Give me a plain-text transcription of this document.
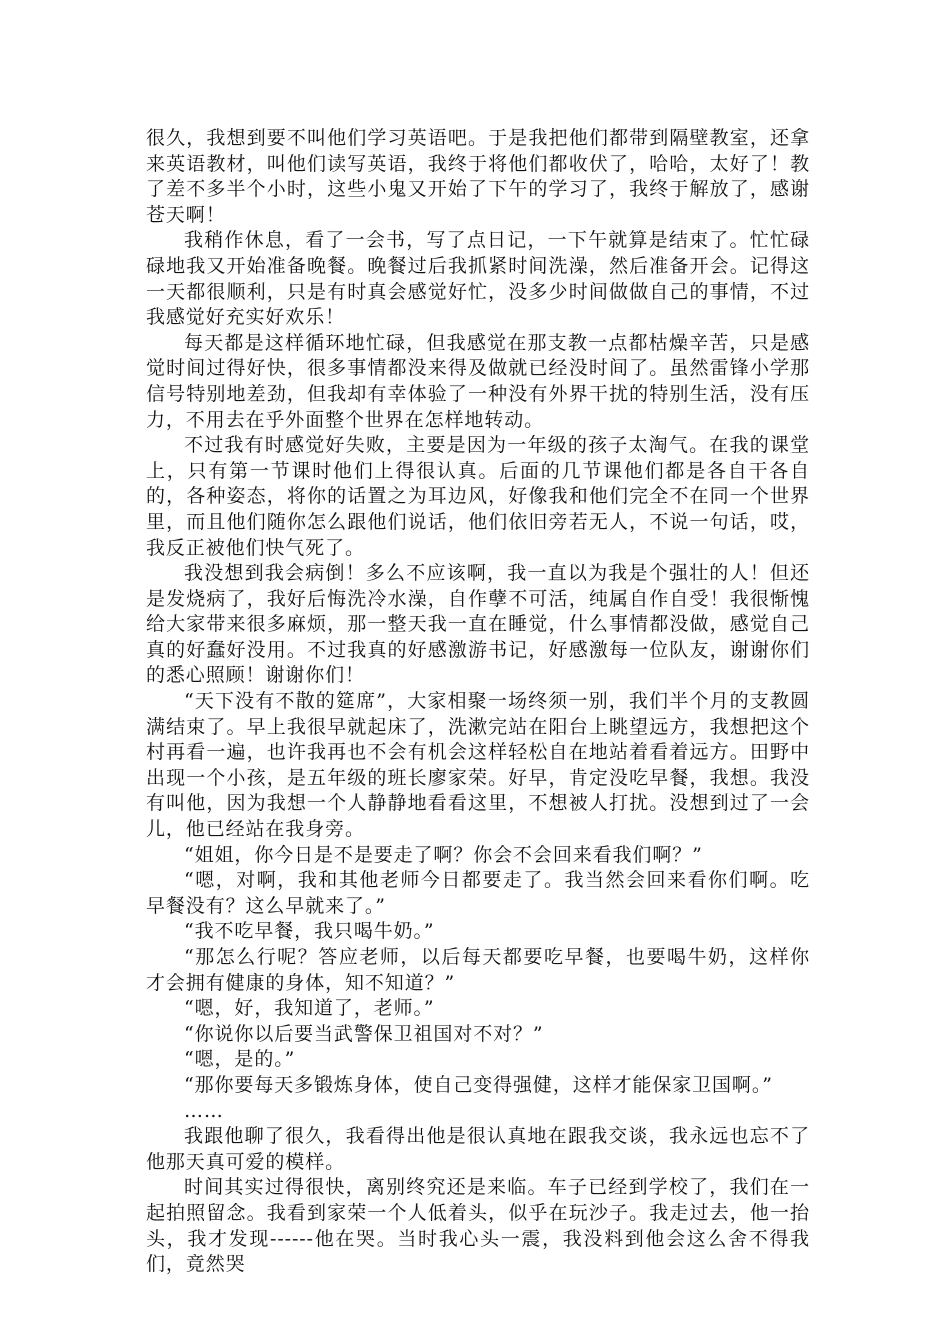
很久，我想到要不叫他们学习英语吧。于是我把他们都带到隔壁教室，还拿来英语教材，叫他们读写英语，我终于将他们都收伏了，哈哈，太好了！教了差不多半个小时，这些小鬼又开始了下午的学习了，我终于解放了，感谢苍天啊！

我稍作休息，看了一会书，写了点日记，一下午就算是结束了。忙忙碌碌地我又开始准备晚餐。晚餐过后我抓紧时间洗澡，然后准备开会。记得这一天都很顺利，只是有时真会感觉好忙，没多少时间做做自己的事情，不过我感觉好充实好欢乐！

每天都是这样循环地忙碌，但我感觉在那支教一点都枯燥辛苦，只是感觉时间过得好快，很多事情都没来得及做就已经没时间了。虽然雷锋小学那信号特别地差劲，但我却有幸体验了一种没有外界干扰的特别生活，没有压力，不用去在乎外面整个世界在怎样地转动。

不过我有时感觉好失败，主要是因为一年级的孩子太淘气。在我的课堂上，只有第一节课时他们上得很认真。后面的几节课他们都是各自干各自的，各种姿态，将你的话置之为耳边风，好像我和他们完全不在同一个世界里，而且他们随你怎么跟他们说话，他们依旧旁若无人，不说一句话，哎，我反正被他们快气死了。

我没想到我会病倒！多么不应该啊，我一直以为我是个强壮的人！但还是发烧病了，我好后悔洗冷水澡，自作孽不可活，纯属自作自受！我很惭愧给大家带来很多麻烦，那一整天我一直在睡觉，什么事情都没做，感觉自己真的好蠢好没用。不过我真的好感激游书记，好感激每一位队友，谢谢你们的悉心照顾！谢谢你们！

“天下没有不散的筵席”，大家相聚一场终须一别，我们半个月的支教圆满结束了。早上我很早就起床了，洗漱完站在阳台上眺望远方，我想把这个村再看一遍，也许我再也不会有机会这样轻松自在地站着看着远方。田野中出现一个小孩，是五年级的班长廖家荣。好早，肯定没吃早餐，我想。我没有叫他，因为我想一个人静静地看看这里，不想被人打扰。没想到过了一会儿，他已经站在我身旁。

“姐姐，你今日是不是要走了啊？你会不会回来看我们啊？”

“嗯，对啊，我和其他老师今日都要走了。我当然会回来看你们啊。吃早餐没有？这么早就来了。”

“我不吃早餐，我只喝牛奶。”

“那怎么行呢？答应老师，以后每天都要吃早餐，也要喝牛奶，这样你才会拥有健康的身体，知不知道？”

“嗯，好，我知道了，老师。”

“你说你以后要当武警保卫祖国对不对？”

“嗯，是的。”

“那你要每天多锻炼身体，使自己变得强健，这样才能保家卫国啊。”

……

我跟他聊了很久，我看得出他是很认真地在跟我交谈，我永远也忘不了他那天真可爱的模样。

时间其实过得很快，离别终究还是来临。车子已经到学校了，我们在一起拍照留念。我看到家荣一个人低着头，似乎在玩沙子。我走过去，他一抬头，我才发现------他在哭。当时我心头一震，我没料到他会这么舍不得我们，竟然哭
